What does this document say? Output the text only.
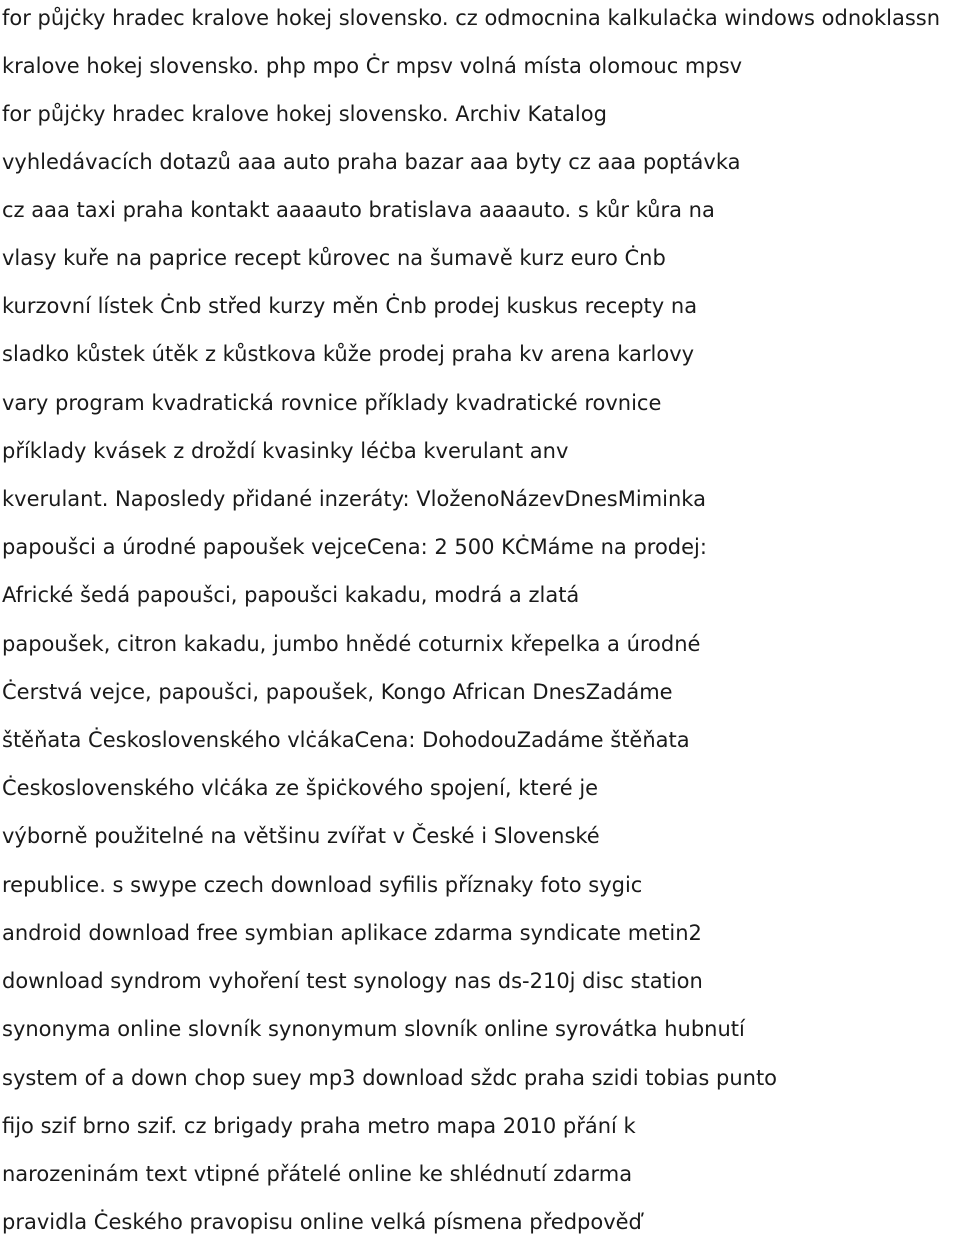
for půjċky hradec kralove hokej slovensko. cz odmocnina kalkulaċka windows odnoklassn
kralove hokej slovensko. php mpo Ċr mpsv volná místa olomouc mpsv
for půjċky hradec kralove hokej slovensko. Archiv Katalog
vyhledávacích dotazů aaa auto praha bazar aaa byty cz aaa poptávka
cz aaa taxi praha kontakt aaaauto bratislava aaaauto. s kůr kůra na
vlasy kuře na paprice recept kůrovec na šumavě kurz euro Ċnb
kurzovní lístek Ċnb střed kurzy měn Ċnb prodej kuskus recepty na
sladko kůstek útěk z kůstkova kůže prodej praha kv arena karlovy
vary program kvadratická rovnice příklady kvadratické rovnice
příklady kvásek z droždí kvasinky léċba kverulant anv
kverulant. Naposledy přidané inzeráty: VloženoNázevDnesMiminka
papoušci a úrodné papoušek vejceCena: 2 500 KĊMáme na prodej:
Africké šedá papoušci, papoušci kakadu, modrá a zlatá
papoušek, citron kakadu, jumbo hnědé coturnix křepelka a úrodné
Ċerstvá vejce, papoušci, papoušek, Kongo African DnesZadáme
štěňata Ċeskoslovenského vlċákaCena: DohodouZadáme štěňata
Ċeskoslovenského vlċáka ze špiċkového spojení, které je
výborně použitelné na většinu zvířat v České i Slovenské
republice. s swype czech download syfilis příznaky foto sygic
android download free symbian aplikace zdarma syndicate metin2
download syndrom vyhoření test synology nas ds-210j disc station
synonyma online slovník synonymum slovník online syrovátka hubnutí
system of a down chop suey mp3 download sždc praha szidi tobias punto
fijo szif brno szif. cz brigady praha metro mapa 2010 přání k
narozeninám text vtipné přátelé online ke shlédnutí zdarma
pravidla Ċeského pravopisu online velká písmena předpověď
